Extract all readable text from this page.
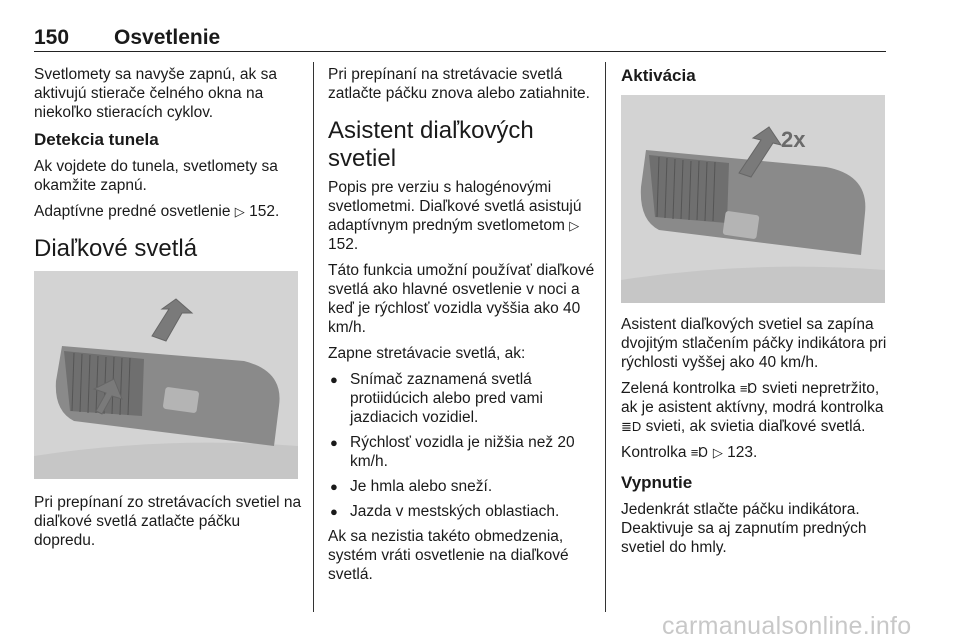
150 Osvetlenie

Svetlomety sa navyše zapnú, ak sa aktivujú stierače čelného okna na niekoľko stieracích cyklov.

Detekcia tunela

Ak vojdete do tunela, svetlomety sa okamžite zapnú.

Adaptívne predné osvetlenie ▷ 152.

Diaľkové svetlá

Pri prepínaní zo stretávacích svetiel na diaľkové svetlá zatlačte páčku dopredu.

Pri prepínaní na stretávacie svetlá zatlačte páčku znova alebo zatiahnite.

Asistent diaľkových svetiel

Popis pre verziu s halogénovými svetlometmi. Diaľkové svetlá asistujú adaptívnym predným svetlometom ▷ 152.

Táto funkcia umožní používať diaľkové svetlá ako hlavné osvetlenie v noci a keď je rýchlosť vozidla vyššia ako 40 km/h.

Zapne stretávacie svetlá, ak:

● Snímač zaznamená svetlá protiidúcich alebo pred vami jazdiacich vozidiel.
● Rýchlosť vozidla je nižšia než 20 km/h.
● Je hmla alebo sneží.
● Jazda v mestských oblastiach.

Ak sa nezistia takéto obmedzenia, systém vráti osvetlenie na diaľkové svetlá.

Aktivácia
2x

Asistent diaľkových svetiel sa zapína dvojitým stlačením páčky indikátora pri rýchlosti vyššej ako 40 km/h.

Zelená kontrolka ≡Ɒ svieti nepretržito, ak je asistent aktívny, modrá kontrolka ≣D svieti, ak svietia diaľkové svetlá.

Kontrolka ≡Ɒ ▷ 123.

Vypnutie

Jedenkrát stlačte páčku indikátora. Deaktivuje sa aj zapnutím predných svetiel do hmly.

carmanualsonline.info
